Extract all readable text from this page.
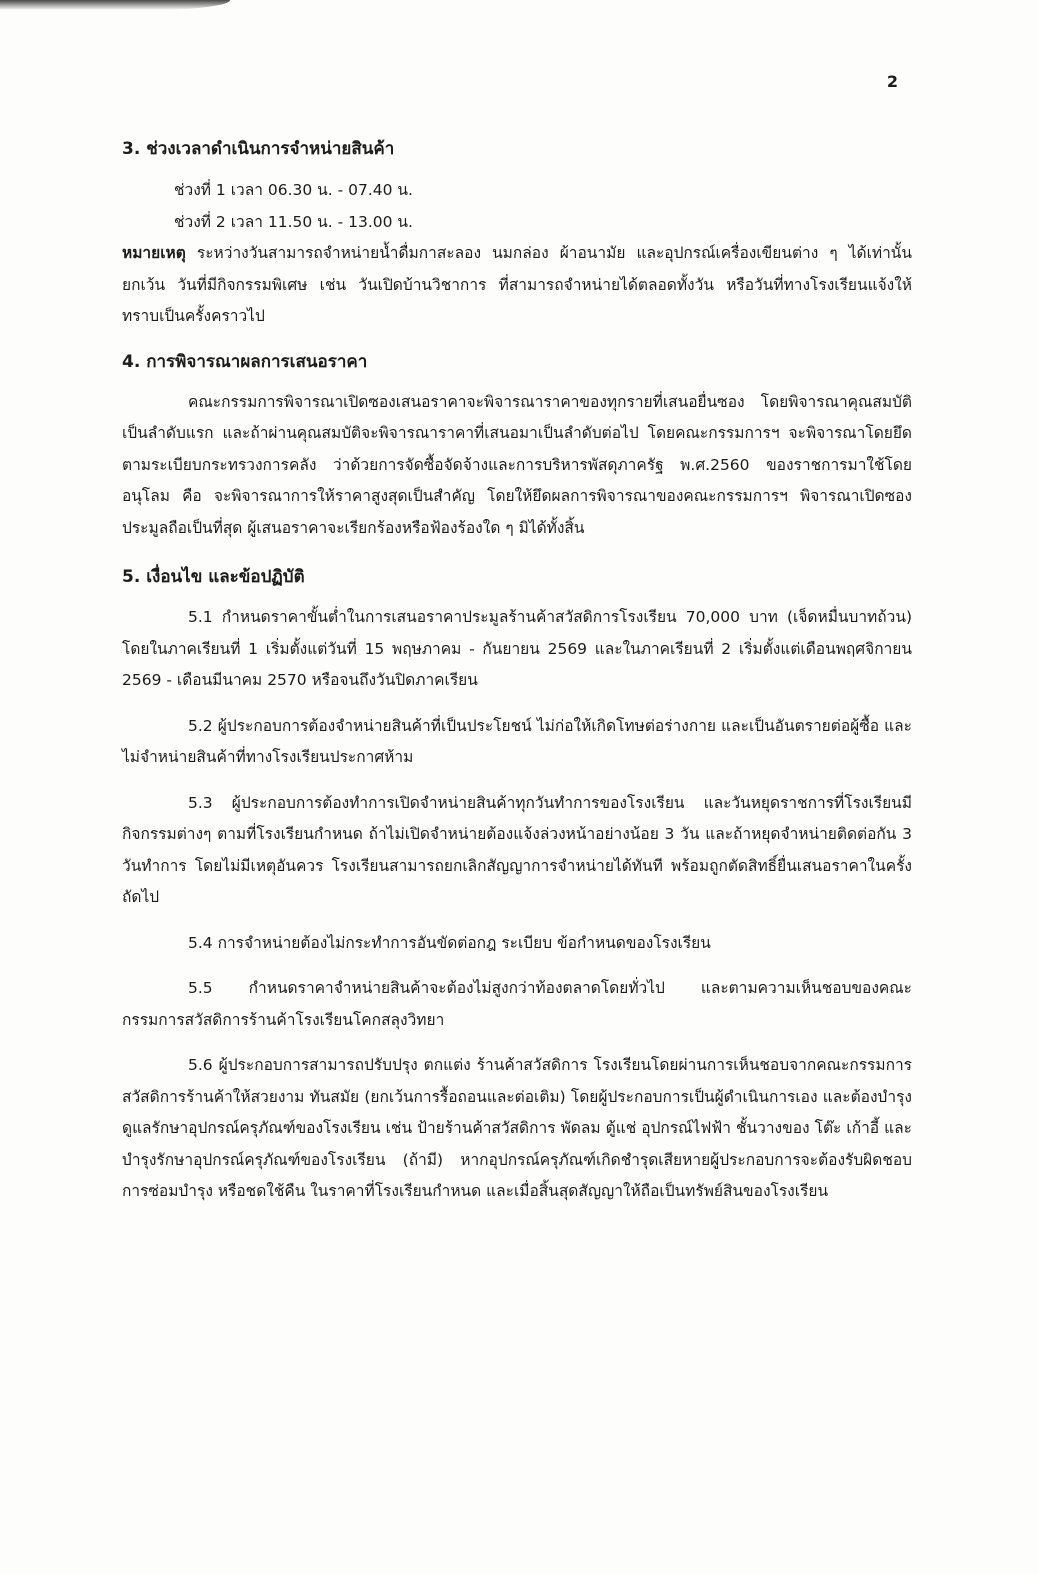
2

3. ช่วงเวลาดำเนินการจำหน่ายสินค้า

ช่วงที่ 1 เวลา 06.30 น. - 07.40 น.

ช่วงที่ 2 เวลา 11.50 น. - 13.00 น.

หมายเหตุ ระหว่างวันสามารถจำหน่ายน้ำดื่มกาสะลอง นมกล่อง ผ้าอนามัย และอุปกรณ์เครื่องเขียนต่าง ๆ ได้เท่านั้น ยกเว้น วันที่มีกิจกรรมพิเศษ เช่น วันเปิดบ้านวิชาการ ที่สามารถจำหน่ายได้ตลอดทั้งวัน หรือวันที่ทางโรงเรียนแจ้งให้ทราบเป็นครั้งคราวไป

4. การพิจารณาผลการเสนอราคา

คณะกรรมการพิจารณาเปิดซองเสนอราคาจะพิจารณาราคาของทุกรายที่เสนอยื่นซอง โดยพิจารณาคุณสมบัติเป็นลำดับแรก และถ้าผ่านคุณสมบัติจะพิจารณาราคาที่เสนอมาเป็นลำดับต่อไป โดยคณะกรรมการฯ จะพิจารณาโดยยึดตามระเบียบกระทรวงการคลัง ว่าด้วยการจัดซื้อจัดจ้างและการบริหารพัสดุภาครัฐ พ.ศ.2560 ของราชการมาใช้โดยอนุโลม คือ จะพิจารณาการให้ราคาสูงสุดเป็นสำคัญ โดยให้ยึดผลการพิจารณาของคณะกรรมการฯ พิจารณาเปิดซองประมูลถือเป็นที่สุด ผู้เสนอราคาจะเรียกร้องหรือฟ้องร้องใด ๆ มิได้ทั้งสิ้น

5. เงื่อนไข และข้อปฏิบัติ

5.1 กำหนดราคาขั้นต่ำในการเสนอราคาประมูลร้านค้าสวัสดิการโรงเรียน 70,000 บาท (เจ็ดหมื่นบาทถ้วน) โดยในภาคเรียนที่ 1 เริ่มตั้งแต่วันที่ 15 พฤษภาคม - กันยายน 2569 และในภาคเรียนที่ 2 เริ่มตั้งแต่เดือนพฤศจิกายน 2569 - เดือนมีนาคม 2570 หรือจนถึงวันปิดภาคเรียน

5.2 ผู้ประกอบการต้องจำหน่ายสินค้าที่เป็นประโยชน์ ไม่ก่อให้เกิดโทษต่อร่างกาย และเป็นอันตรายต่อผู้ซื้อ และไม่จำหน่ายสินค้าที่ทางโรงเรียนประกาศห้าม

5.3 ผู้ประกอบการต้องทำการเปิดจำหน่ายสินค้าทุกวันทำการของโรงเรียน และวันหยุดราชการที่โรงเรียนมีกิจกรรมต่างๆ ตามที่โรงเรียนกำหนด ถ้าไม่เปิดจำหน่ายต้องแจ้งล่วงหน้าอย่างน้อย 3 วัน และถ้าหยุดจำหน่ายติดต่อกัน 3 วันทำการ โดยไม่มีเหตุอันควร โรงเรียนสามารถยกเลิกสัญญาการจำหน่ายได้ทันที พร้อมถูกตัดสิทธิ์ยื่นเสนอราคาในครั้งถัดไป

5.4 การจำหน่ายต้องไม่กระทำการอันขัดต่อกฎ ระเบียบ ข้อกำหนดของโรงเรียน

5.5 กำหนดราคาจำหน่ายสินค้าจะต้องไม่สูงกว่าท้องตลาดโดยทั่วไป และตามความเห็นชอบของคณะกรรมการสวัสดิการร้านค้าโรงเรียนโคกสลุงวิทยา

5.6 ผู้ประกอบการสามารถปรับปรุง ตกแต่ง ร้านค้าสวัสดิการ โรงเรียนโดยผ่านการเห็นชอบจากคณะกรรมการสวัสดิการร้านค้าให้สวยงาม ทันสมัย (ยกเว้นการรื้อถอนและต่อเติม) โดยผู้ประกอบการเป็นผู้ดำเนินการเอง และต้องบำรุงดูแลรักษาอุปกรณ์ครุภัณฑ์ของโรงเรียน เช่น ป้ายร้านค้าสวัสดิการ พัดลม ตู้แช่ อุปกรณ์ไฟฟ้า ชั้นวางของ โต๊ะ เก้าอี้ และบำรุงรักษาอุปกรณ์ครุภัณฑ์ของโรงเรียน (ถ้ามี) หากอุปกรณ์ครุภัณฑ์เกิดชำรุดเสียหายผู้ประกอบการจะต้องรับผิดชอบการซ่อมบำรุง หรือชดใช้คืน ในราคาที่โรงเรียนกำหนด และเมื่อสิ้นสุดสัญญาให้ถือเป็นทรัพย์สินของโรงเรียน
